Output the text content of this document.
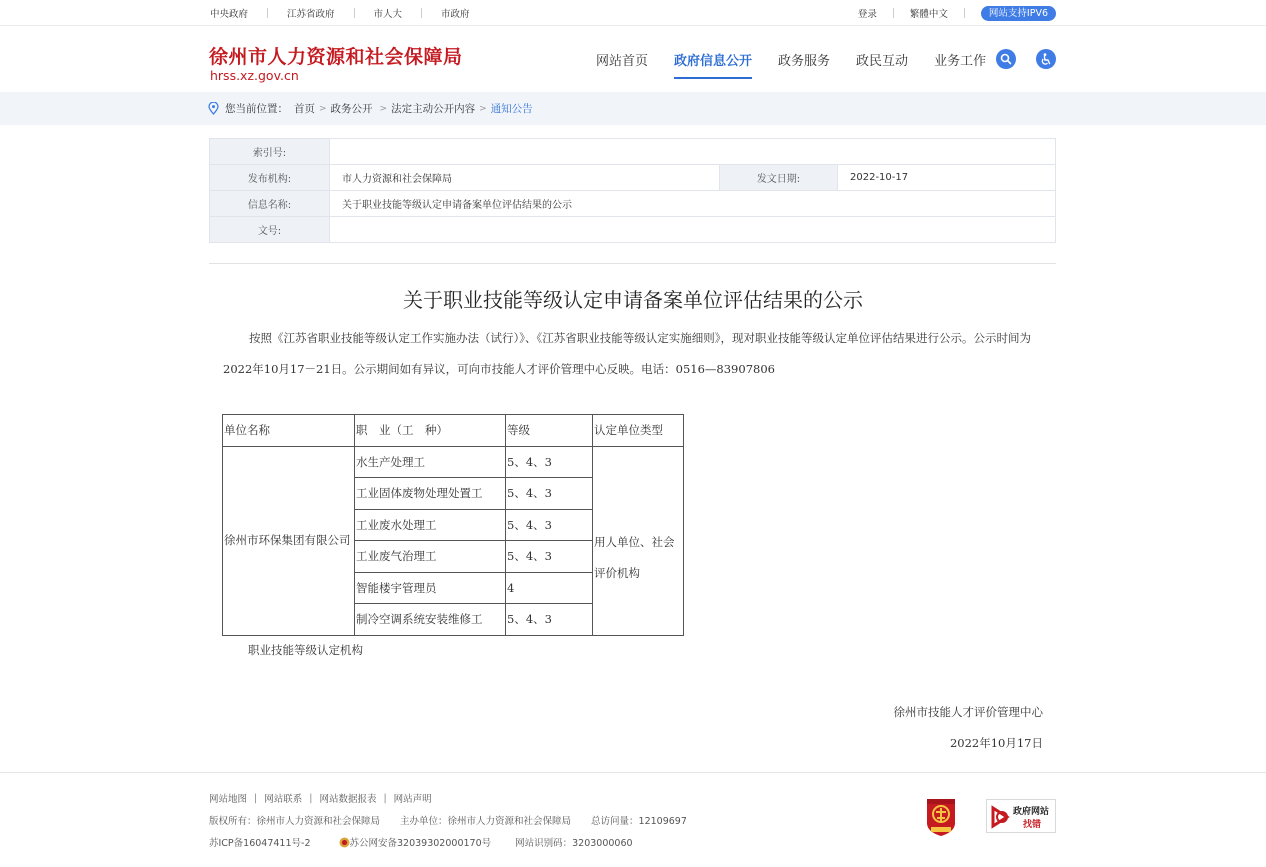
中央政府	江苏省政府	市人大	市政府	登录	繁體中文	网站支持IPV6
徐州市人力资源和社会保障局
hrss.xz.gov.cn
网站首页 政府信息公开 政务服务 政民互动 业务工作
您当前位置： 首页 > 政务公开 > 法定主动公开内容 > 通知公告
索引号:			
发布机构:	市人力资源和社会保障局	发文日期:	2022-10-17
信息名称:	关于职业技能等级认定申请备案单位评估结果的公示		
文号:			
关于职业技能等级认定申请备案单位评估结果的公示
按照《江苏省职业技能等级认定工作实施办法（试行）》、《江苏省职业技能等级认定实施细则》，现对职业技能等级认定单位评估结果进行公示。公示时间为2022年10月17－21日。公示期间如有异议，可向市技能人才评价管理中心反映。电话：0516—83907806
单位名称	职　业（工　种）	等级	认定单位类型
徐州市环保集团有限公司	水生产处理工	5、4、3	用人单位、社会评价机构
	工业固体废物处理处置工	5、4、3	
	工业废水处理工	5、4、3	
	工业废气治理工	5、4、3	
	智能楼宇管理员	4	
	制冷空调系统安装维修工	5、4、3	
职业技能等级认定机构
徐州市技能人才评价管理中心
2022年10月17日
网站地图 | 网站联系 | 网站数据报表 | 网站声明
版权所有：徐州市人力资源和社会保障局 主办单位：徐州市人力资源和社会保障局 总访问量：12109697
苏ICP备16047411号-2	苏公网安备32039302000170号	网站识别码：3203000060
政府网站
找错
